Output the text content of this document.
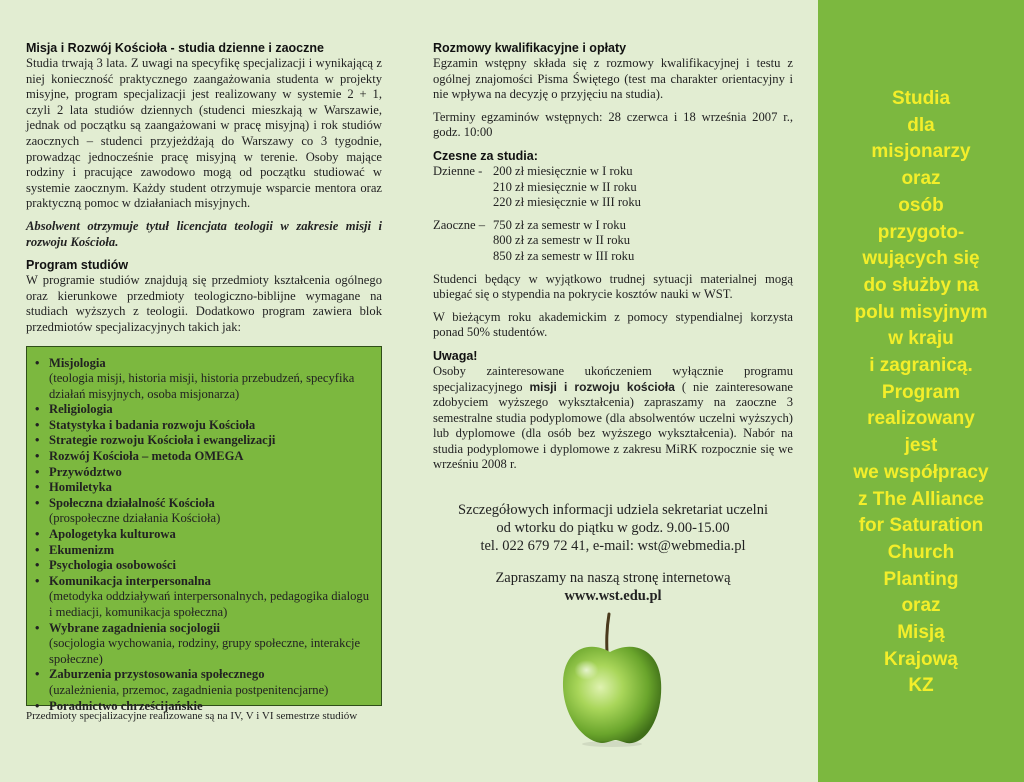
Misja i Rozwój Kościoła - studia dzienne i zaoczne

Studia trwają 3 lata. Z uwagi na specyfikę specjalizacji i wynikającą z niej konieczność praktycznego zaangażowania studenta w projekty misyjne, program specjalizacji jest realizowany w systemie 2 + 1, czyli 2 lata studiów dziennych (studenci mieszkają w Warszawie, jednak od początku są zaangażowani w pracę misyjną) i rok studiów zaocznych – studenci przyjeżdżają do Warszawy co 3 tygodnie, prowadząc jednocześnie pracę misyjną w terenie. Osoby mające rodziny i pracujące zawodowo mogą od początku studiować w systemie zaocznym. Każdy student otrzymuje wsparcie mentora oraz praktyczną pomoc w działaniach misyjnych.

Absolwent otrzymuje tytuł licencjata teologii w zakresie misji i rozwoju Kościoła.

Program studiów

W programie studiów znajdują się przedmioty kształcenia ogólnego oraz kierunkowe przedmioty teologiczno-biblijne wymagane na studiach wyższych z teologii. Dodatkowo program zawiera blok przedmiotów specjalizacyjnych takich jak:

• Misjologia
(teologia misji, historia misji, historia przebudzeń, specyfika działań misyjnych, osoba misjonarza)
• Religiologia
• Statystyka i badania rozwoju Kościoła
• Strategie rozwoju Kościoła i ewangelizacji
• Rozwój Kościoła – metoda OMEGA
• Przywództwo
• Homiletyka
• Społeczna działalność Kościoła
(prospołeczne działania Kościoła)
• Apologetyka kulturowa
• Ekumenizm
• Psychologia osobowości
• Komunikacja interpersonalna
(metodyka oddziaływań interpersonalnych, pedagogika dialogu i mediacji, komunikacja społeczna)
• Wybrane zagadnienia socjologii
(socjologia wychowania, rodziny, grupy społeczne, interakcje społeczne)
• Zaburzenia przystosowania społecznego
(uzależnienia, przemoc, zagadnienia postpenitencjarne)
• Poradnictwo chrześcijańskie
Przedmioty specjalizacyjne realizowane są na IV, V i VI semestrze studiów
Rozmowy kwalifikacyjne i opłaty

Egzamin wstępny składa się z rozmowy kwalifikacyjnej i testu z ogólnej znajomości Pisma Świętego (test ma charakter orientacyjny i nie wpływa na decyzję o przyjęciu na studia).

Terminy egzaminów wstępnych: 28 czerwca i 18 września 2007 r., godz. 10:00

Czesne za studia:
Dzienne - 200 zł miesięcznie w I roku
210 zł miesięcznie w II roku
220 zł miesięcznie w III roku
Zaoczne – 750 zł za semestr w I roku
800 zł za semestr w II roku
850 zł za semestr w III roku

Studenci będący w wyjątkowo trudnej sytuacji materialnej mogą ubiegać się o stypendia na pokrycie kosztów nauki w WST.

W bieżącym roku akademickim z pomocy stypendialnej korzysta ponad 50% studentów.

Uwaga!

Osoby zainteresowane ukończeniem wyłącznie programu specjalizacyjnego misji i rozwoju kościoła ( nie zainteresowane zdobyciem wyższego wykształcenia) zapraszamy na zaoczne 3 semestralne studia podyplomowe (dla absolwentów uczelni wyższych) lub dyplomowe (dla osób bez wyższego wykształcenia). Nabór na studia podyplomowe i dyplomowe z zakresu MiRK rozpocznie się we wrześniu 2008 r.

Szczegółowych informacji udziela sekretariat uczelni
od wtorku do piątku w godz. 9.00-15.00
tel. 022 679 72 41, e-mail: wst@webmedia.pl
Zapraszamy na naszą stronę internetową
www.wst.edu.pl
Studia
dla
misjonarzy
oraz
osób
przygoto-
wujących się
do służby na
polu misyjnym
w kraju
i zagranicą.
Program
realizowany
jest
we współpracy
z The Alliance
for Saturation
Church
Planting
oraz
Misją
Krajową
KZ
